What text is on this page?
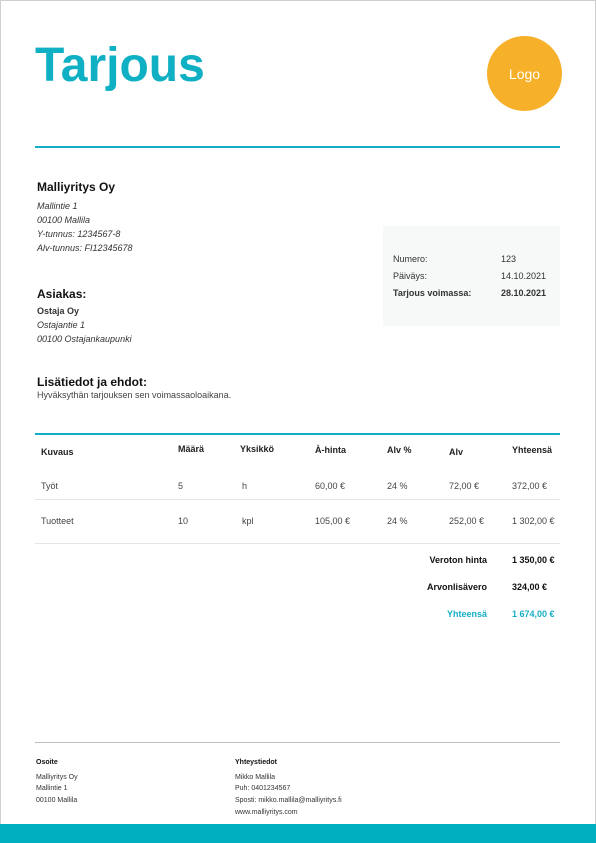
Tarjous	Logo
Malliyritys Oy
Mallintie 1
00100 Mallila
Y-tunnus: 1234567-8
Alv-tunnus: FI12345678
Asiakas:
Ostaja Oy
Ostajantie 1
00100 Ostajankaupunki
Numero:	123
Päiväys:	14.10.2021
Tarjous voimassa:	28.10.2021
Lisätiedot ja ehdot:
Hyväksythän tarjouksen sen voimassaoloaikana.
Kuvaus	Määrä	Yksikkö	À-hinta	Alv %	Alv	Yhteensä
Työt	5	h	60,00 €	24 %	72,00 €	372,00 €
Tuotteet	10	kpl	105,00 €	24 %	252,00 €	1 302,00 €
Veroton hinta	1 350,00 €
Arvonlisävero	324,00 €
Yhteensä	1 674,00 €
Osoite
Malliyritys Oy
Mallintie 1
00100 Mallila
Yhteystiedot
Mikko Mallila
Puh: 0401234567
Sposti: mikko.mallila@malliyritys.fi
www.malliyritys.com
